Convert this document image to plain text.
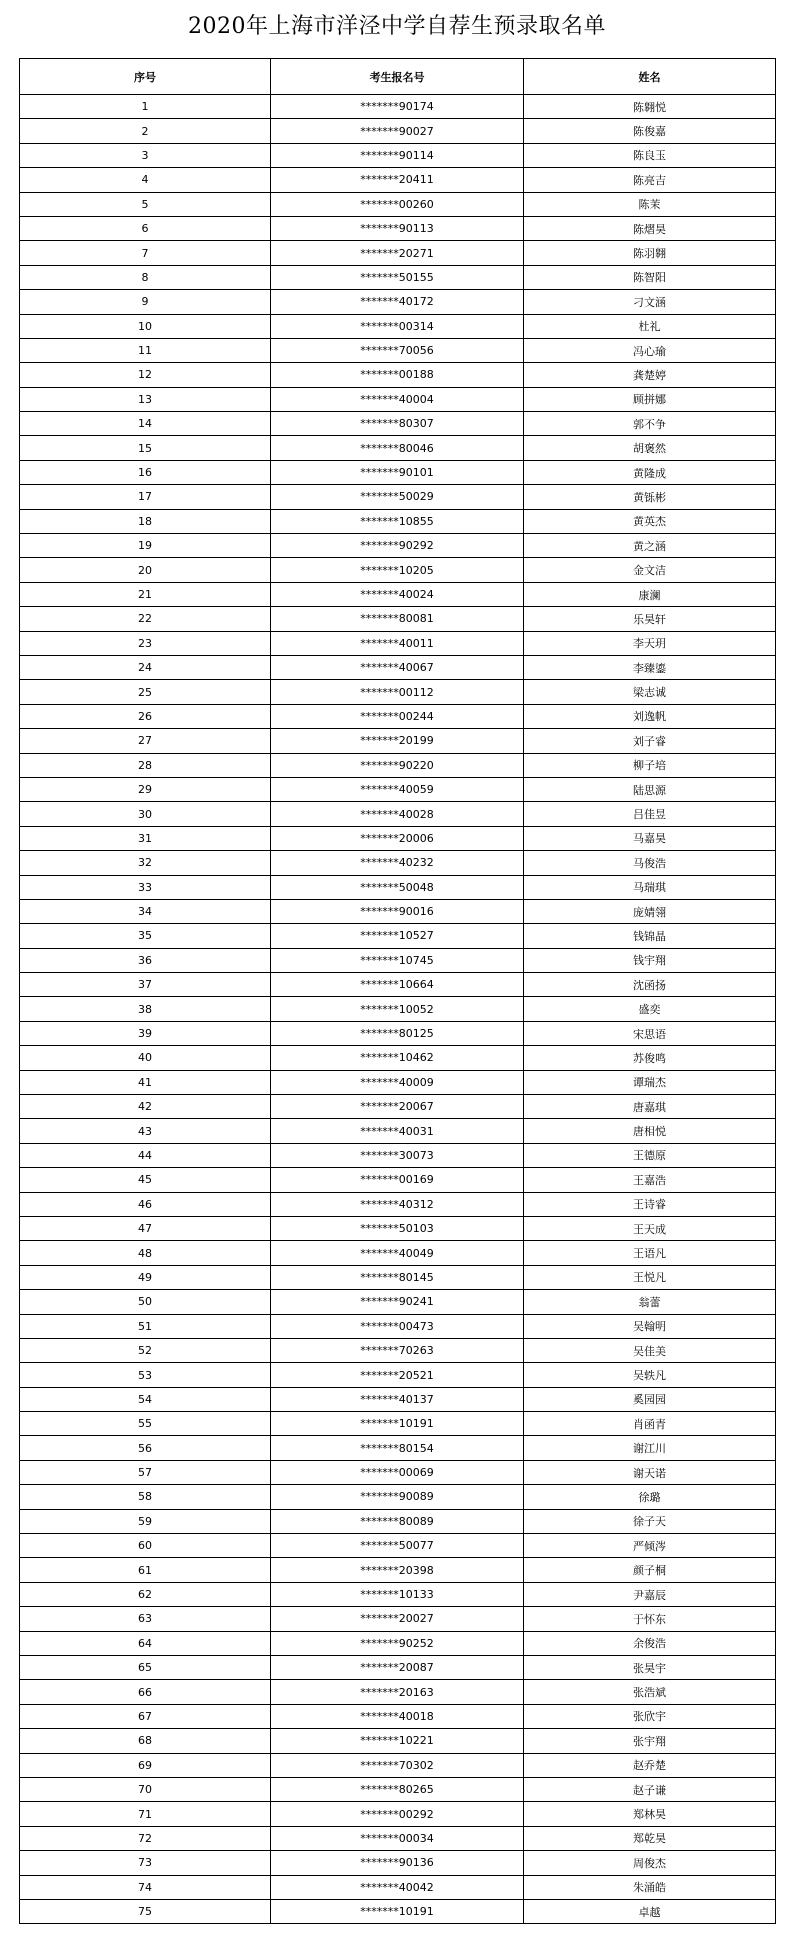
2020年上海市洋泾中学自荐生预录取名单
序号	考生报名号	姓名
1	*******90174	陈翱悦
2	*******90027	陈俊嘉
3	*******90114	陈良玉
4	*******20411	陈亮吉
5	*******00260	陈茉
6	*******90113	陈熠昊
7	*******20271	陈羽翱
8	*******50155	陈智阳
9	*******40172	刁文涵
10	*******00314	杜礼
11	*******70056	冯心瑜
12	*******00188	龚楚婷
13	*******40004	顾拼娜
14	*******80307	郭不争
15	*******80046	胡褒然
16	*******90101	黄隆成
17	*******50029	黄铄彬
18	*******10855	黄英杰
19	*******90292	黄之涵
20	*******10205	金文洁
21	*******40024	康澜
22	*******80081	乐昊轩
23	*******40011	李天玥
24	*******40067	李臻鎏
25	*******00112	梁志诚
26	*******00244	刘逸帆
27	*******20199	刘子睿
28	*******90220	柳子培
29	*******40059	陆思源
30	*******40028	吕佳昱
31	*******20006	马嘉昊
32	*******40232	马俊浩
33	*******50048	马瑞琪
34	*******90016	庞婧翎
35	*******10527	钱锦晶
36	*******10745	钱宇翔
37	*******10664	沈函扬
38	*******10052	盛奕
39	*******80125	宋思语
40	*******10462	苏俊鸣
41	*******40009	谭瑞杰
42	*******20067	唐嘉琪
43	*******40031	唐相悦
44	*******30073	王德原
45	*******00169	王嘉浩
46	*******40312	王诗睿
47	*******50103	王天成
48	*******40049	王语凡
49	*******80145	王悦凡
50	*******90241	翁蕾
51	*******00473	吴翰明
52	*******70263	吴佳美
53	*******20521	吴轶凡
54	*******40137	奚园园
55	*******10191	肖函青
56	*******80154	谢江川
57	*******00069	谢天诺
58	*******90089	徐璐
59	*******80089	徐子天
60	*******50077	严倾涔
61	*******20398	颜子桐
62	*******10133	尹嘉辰
63	*******20027	于怀东
64	*******90252	余俊浩
65	*******20087	张昊宇
66	*******20163	张浩斌
67	*******40018	张欣宇
68	*******10221	张宇翔
69	*******70302	赵乔楚
70	*******80265	赵子谦
71	*******00292	郑林昊
72	*******00034	郑乾昊
73	*******90136	周俊杰
74	*******40042	朱涌皓
75	*******10191	卓越
